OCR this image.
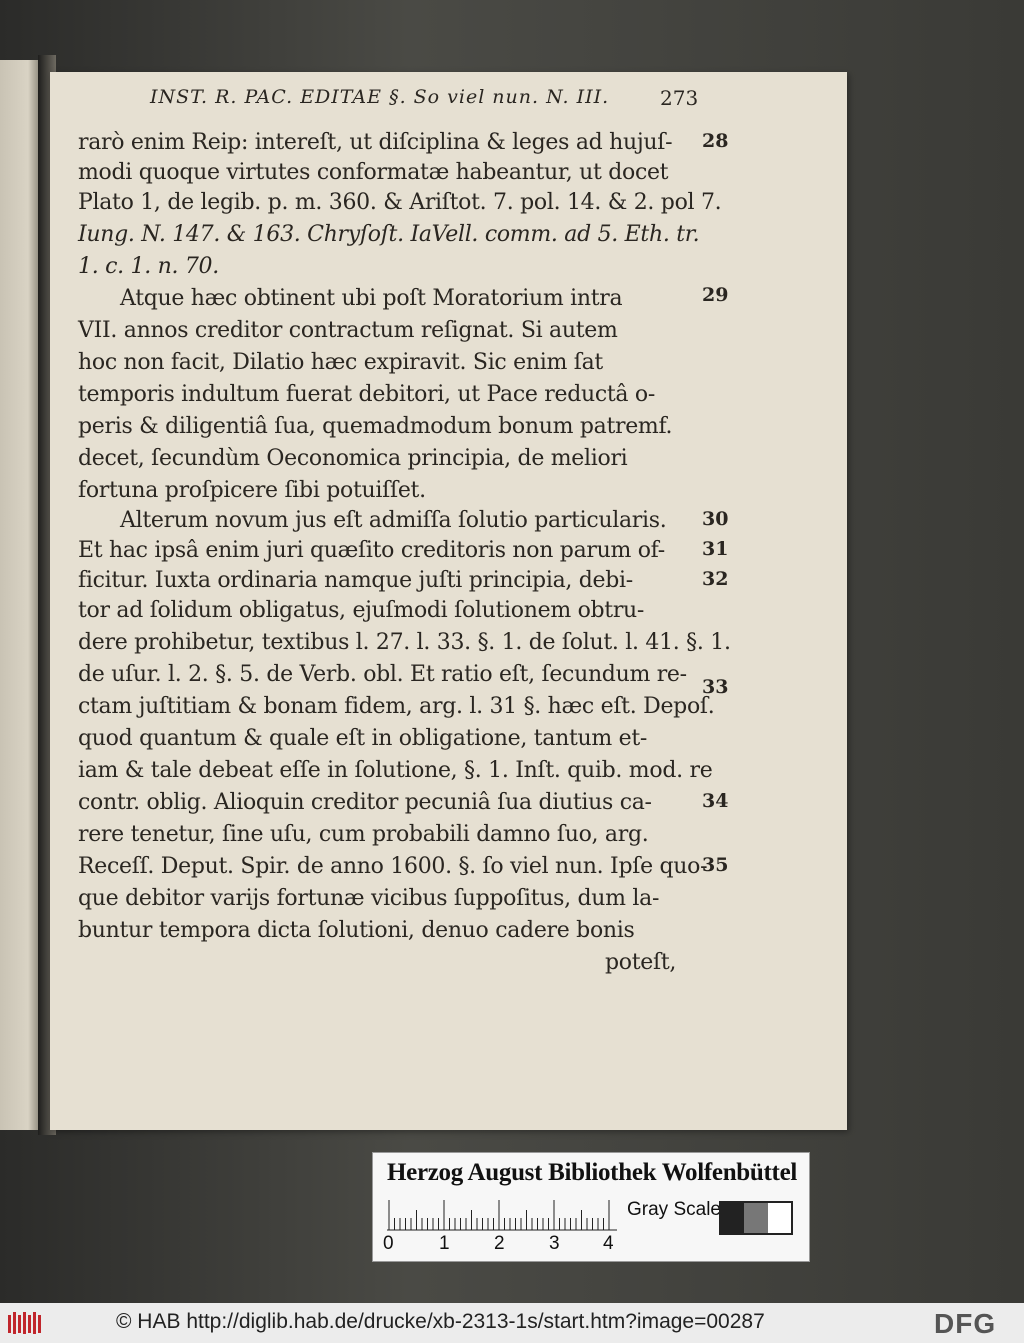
INST. R. PAC. EDITAE §. So viel nun. N. III.	273
rarò enim Reip: intereſt, ut diſciplina & leges ad hujuſ-
modi quoque virtutes conformatæ habeantur, ut docet
Plato 1, de legib. p. m. 360. & Ariſtot. 7. pol. 14. & 2. pol 7.
Iung. N. 147. & 163. Chryſoſt. IaVell. comm. ad 5. Eth. tr.
1. c. 1. n. 70.
Atque hæc obtinent ubi poſt Moratorium intra
VII. annos creditor contractum reſignat. Si autem
hoc non facit, Dilatio hæc expiravit. Sic enim ſat
temporis indultum fuerat debitori, ut Pace reductâ o-
peris & diligentiâ ſua, quemadmodum bonum patremf.
decet, ſecundùm Oeconomica principia, de meliori
fortuna proſpicere ſibi potuiſſet.
Alterum novum jus eſt admiſſa ſolutio particularis.
Et hac ipsâ enim juri quæſito creditoris non parum of-
ficitur. Iuxta ordinaria namque juſti principia, debi-
tor ad ſolidum obligatus, ejuſmodi ſolutionem obtru-
dere prohibetur, textibus l. 27. l. 33. §. 1. de ſolut. l. 41. §. 1.
de uſur. l. 2. §. 5. de Verb. obl. Et ratio eſt, ſecundum re-
ctam juſtitiam & bonam fidem, arg. l. 31 §. hæc eſt. Depoſ.
quod quantum & quale eſt in obligatione, tantum et-
iam & tale debeat eſſe in ſolutione, §. 1. Inſt. quib. mod. re
contr. oblig. Alioquin creditor pecuniâ ſua diutius ca-
rere tenetur, ſine uſu, cum probabili damno ſuo, arg.
Receſſ. Deput. Spir. de anno 1600. §. ſo viel nun. Ipſe quo-
que debitor varijs fortunæ vicibus ſuppoſitus, dum la-
buntur tempora dicta ſolutioni, denuo cadere bonis
poteſt,
28
29
30
31
32
33
34
35
Herzog August Bibliothek Wolfenbüttel
0 1 2 3 4
Gray Scale
© HAB http://diglib.hab.de/drucke/xb-2313-1s/start.htm?image=00287	DFG
